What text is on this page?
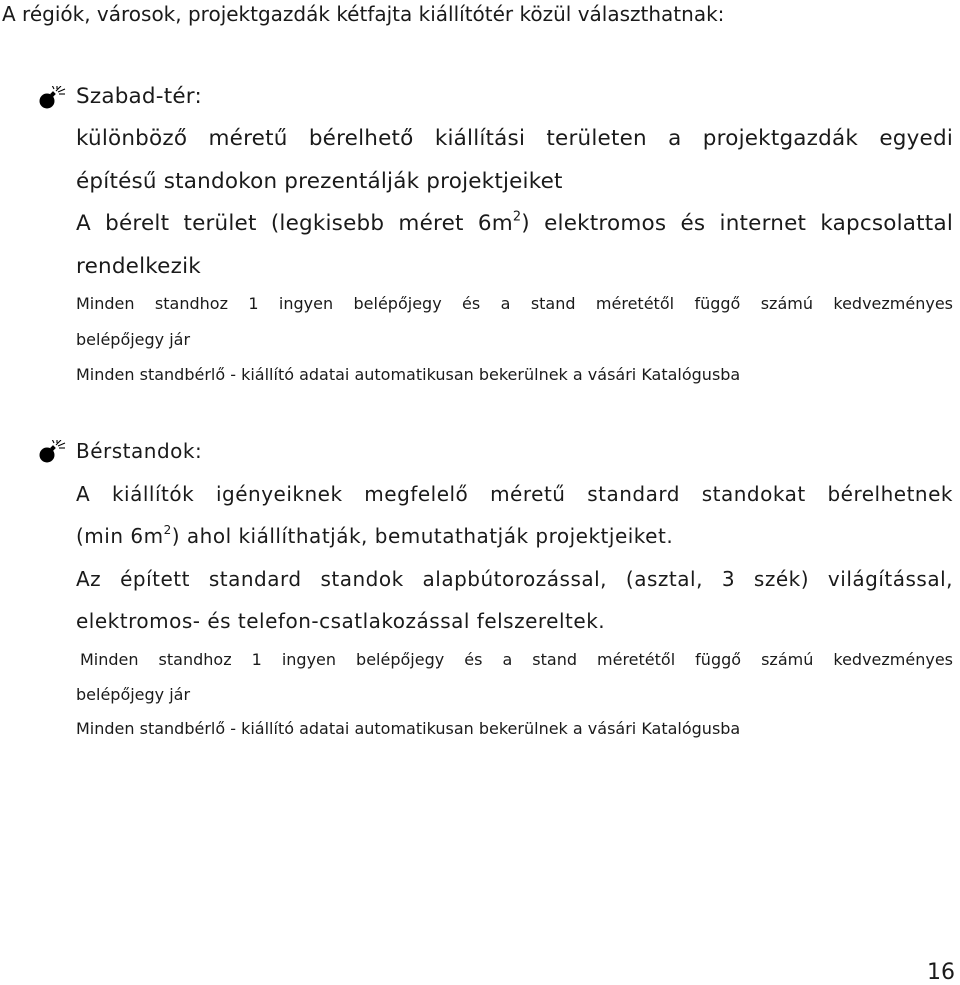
A régiók, városok, projektgazdák kétfajta kiállítótér közül választhatnak:

Szabad-tér:

különböző méretű bérelhető kiállítási területen a projektgazdák egyedi

építésű standokon prezentálják projektjeiket

A bérelt terület (legkisebb méret $6m^2$) elektromos és internet kapcsolattal

rendelkezik

Minden standhoz 1 ingyen belépőjegy és a stand méretétől függő számú kedvezményes

belépőjegy jár

Minden standbérlő - kiállító adatai automatikusan bekerülnek a vásári Katalógusba

Bérstandok:

A kiállítók igényeiknek megfelelő méretű standard standokat bérelhetnek

(min $6m^2$) ahol kiállíthatják, bemutathatják projektjeiket.

Az épített standard standok alapbútorozással, (asztal, 3 szék) világítással,

elektromos- és telefon-csatlakozással felszereltek.

Minden standhoz 1 ingyen belépőjegy és a stand méretétől függő számú kedvezményes

belépőjegy jár

Minden standbérlő - kiállító adatai automatikusan bekerülnek a vásári Katalógusba

16
